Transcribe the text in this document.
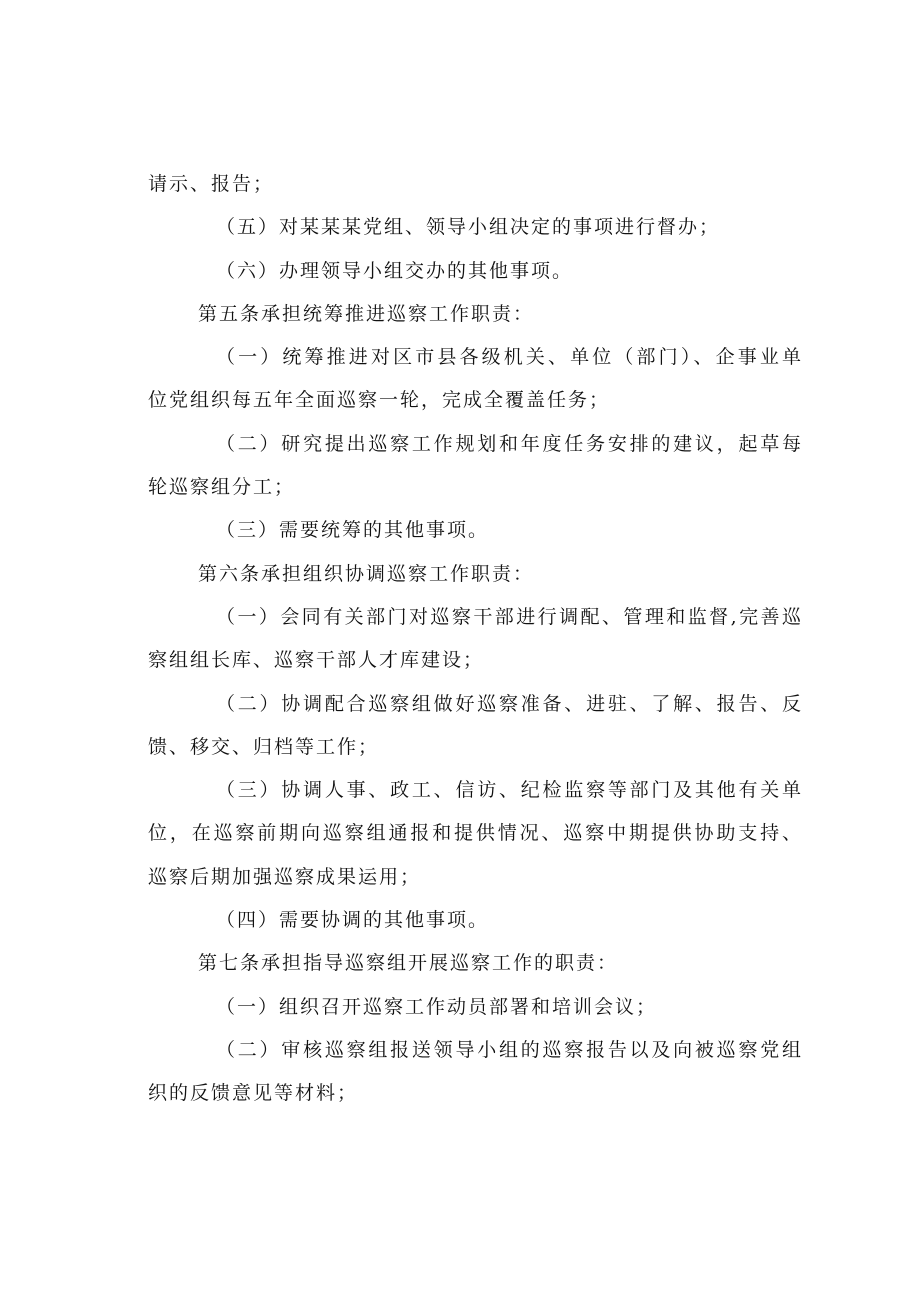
请示、报告；
（五）对某某某党组、领导小组决定的事项进行督办；
（六）办理领导小组交办的其他事项。
第五条承担统筹推进巡察工作职责：
（一）统筹推进对区市县各级机关、单位（部门）、企事业单
位党组织每五年全面巡察一轮，完成全覆盖任务；
（二）研究提出巡察工作规划和年度任务安排的建议，起草每
轮巡察组分工；
（三）需要统筹的其他事项。
第六条承担组织协调巡察工作职责：
（一）会同有关部门对巡察干部进行调配、管理和监督,完善巡
察组组长库、巡察干部人才库建设；
（二）协调配合巡察组做好巡察准备、进驻、了解、报告、反
馈、移交、归档等工作；
（三）协调人事、政工、信访、纪检监察等部门及其他有关单
位，在巡察前期向巡察组通报和提供情况、巡察中期提供协助支持、
巡察后期加强巡察成果运用；
（四）需要协调的其他事项。
第七条承担指导巡察组开展巡察工作的职责：
（一）组织召开巡察工作动员部署和培训会议；
（二）审核巡察组报送领导小组的巡察报告以及向被巡察党组
织的反馈意见等材料；
